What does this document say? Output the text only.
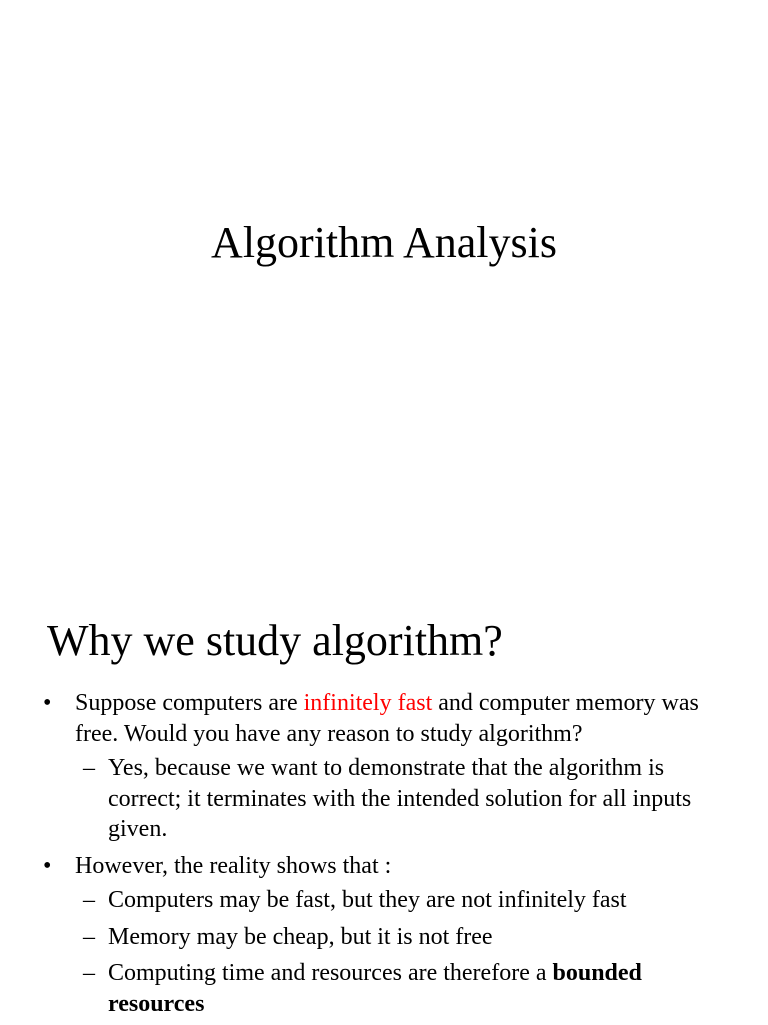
Algorithm Analysis
Why we study algorithm?
• Suppose computers are infinitely fast and computer memory was free. Would you have any reason to study algorithm?
– Yes, because we want to demonstrate that the algorithm is correct; it terminates with the intended solution for all inputs given.
• However, the reality shows that :
– Computers may be fast, but they are not infinitely fast
– Memory may be cheap, but it is not free
– Computing time and resources are therefore a bounded resources
